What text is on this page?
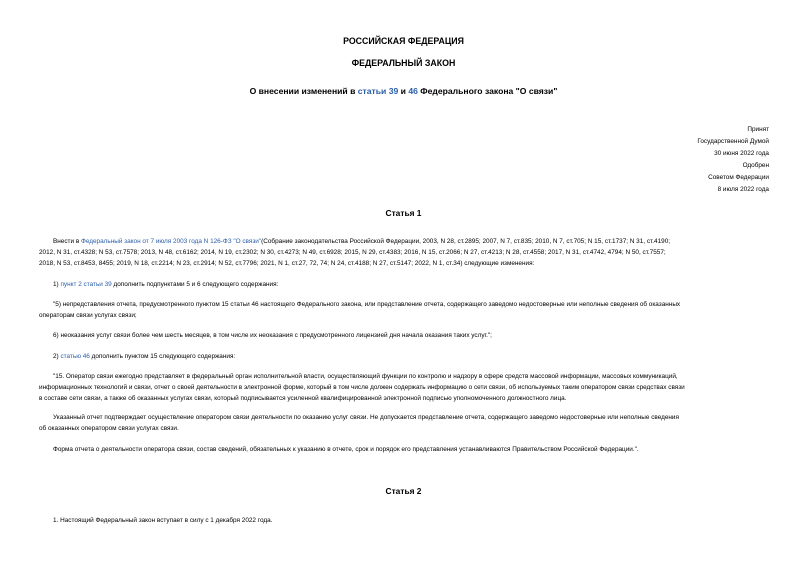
РОССИЙСКАЯ ФЕДЕРАЦИЯ
ФЕДЕРАЛЬНЫЙ ЗАКОН
О внесении изменений в статьи 39 и 46 Федерального закона "О связи"
Принят
Государственной Думой
30 июня 2022 года
Одобрен
Советом Федерации
8 июля 2022 года
Статья 1
Внести в Федеральный закон от 7 июля 2003 года N 126-ФЗ "О связи"(Собрание законодательства Российской Федерации, 2003, N 28, ст.2895; 2007, N 7, ст.835; 2010, N 7, ст.705; N 15, ст.1737; N 31, ст.4190;
2012, N 31, ст.4328; N 53, ст.7578; 2013, N 48, ст.6162; 2014, N 19, ст.2302; N 30, ст.4273; N 49, ст.6928; 2015, N 29, ст.4383; 2016, N 15, ст.2066; N 27, ст.4213; N 28, ст.4558; 2017, N 31, ст.4742, 4794; N 50, ст.7557;
2018, N 53, ст.8453, 8455; 2019, N 18, ст.2214; N 23, ст.2914; N 52, ст.7796; 2021, N 1, ст.27, 72, 74; N 24, ст.4188; N 27, ст.5147; 2022, N 1, ст.34) следующие изменения:
1) пункт 2 статьи 39 дополнить подпунктами 5 и 6 следующего содержания:
"5) непредставления отчета, предусмотренного пунктом 15 статьи 46 настоящего Федерального закона, или представление отчета, содержащего заведомо недостоверные или неполные сведения об оказанных
операторам связи услугах связи;
6) неоказания услуг связи более чем шесть месяцев, в том числе их неоказания с предусмотренного лицензией дня начала оказания таких услуг.";
2) статью 46 дополнить пунктом 15 следующего содержания:
"15. Оператор связи ежегодно представляет в федеральный орган исполнительной власти, осуществляющий функции по контролю и надзору в сфере средств массовой информации, массовых коммуникаций,
информационных технологий и связи, отчет о своей деятельности в электронной форме, который в том числе должен содержать информацию о сети связи, об используемых таким оператором связи средствах связи
в составе сети связи, а также об оказанных услугах связи, который подписывается усиленной квалифицированной электронной подписью уполномоченного должностного лица.
Указанный отчет подтверждает осуществление оператором связи деятельности по оказанию услуг связи. Не допускается представление отчета, содержащего заведомо недостоверные или неполные сведения
об оказанных оператором связи услугах связи.
Форма отчета о деятельности оператора связи, состав сведений, обязательных к указанию в отчете, срок и порядок его представления устанавливаются Правительством Российской Федерации.".
Статья 2
1. Настоящий Федеральный закон вступает в силу с 1 декабря 2022 года.
